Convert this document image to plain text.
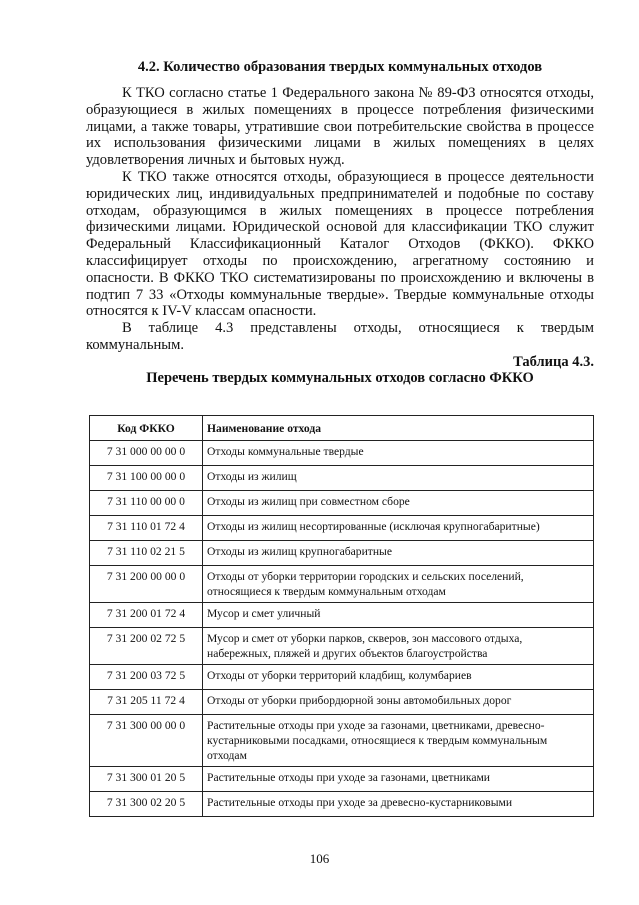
4.2. Количество образования твердых коммунальных отходов

К ТКО согласно статье 1 Федерального закона № 89-ФЗ относятся отходы, образующиеся в жилых помещениях в процессе потребления физическими лицами, а также товары, утратившие свои потребительские свойства в процессе их использования физическими лицами в жилых помещениях в целях удовлетворения личных и бытовых нужд.

К ТКО также относятся отходы, образующиеся в процессе деятельности юридических лиц, индивидуальных предпринимателей и подобные по составу отходам, образующимся в жилых помещениях в процессе потребления физическими лицами. Юридической основой для классификации ТКО служит Федеральный Классификационный Каталог Отходов (ФККО). ФККО классифицирует отходы по происхождению, агрегатному состоянию и опасности. В ФККО ТКО систематизированы по происхождению и включены в подтип 7 33 «Отходы коммунальные твердые». Твердые коммунальные отходы относятся к IV-V классам опасности.

В таблице 4.3 представлены отходы, относящиеся к твердым коммунальным.

Таблица 4.3.

Перечень твердых коммунальных отходов согласно ФККО

Код ФККО	Наименование отхода
7 31 000 00 00 0	Отходы коммунальные твердые
7 31 100 00 00 0	Отходы из жилищ
7 31 110 00 00 0	Отходы из жилищ при совместном сборе
7 31 110 01 72 4	Отходы из жилищ несортированные (исключая крупногабаритные)
7 31 110 02 21 5	Отходы из жилищ крупногабаритные
7 31 200 00 00 0	Отходы от уборки территории городских и сельских поселений, относящиеся к твердым коммунальным отходам
7 31 200 01 72 4	Мусор и смет уличный
7 31 200 02 72 5	Мусор и смет от уборки парков, скверов, зон массового отдыха, набережных, пляжей и других объектов благоустройства
7 31 200 03 72 5	Отходы от уборки территорий кладбищ, колумбариев
7 31 205 11 72 4	Отходы от уборки прибордюрной зоны автомобильных дорог
7 31 300 00 00 0	Растительные отходы при уходе за газонами, цветниками, древесно-кустарниковыми посадками, относящиеся к твердым коммунальным отходам
7 31 300 01 20 5	Растительные отходы при уходе за газонами, цветниками
7 31 300 02 20 5	Растительные отходы при уходе за древесно-кустарниковыми
106
